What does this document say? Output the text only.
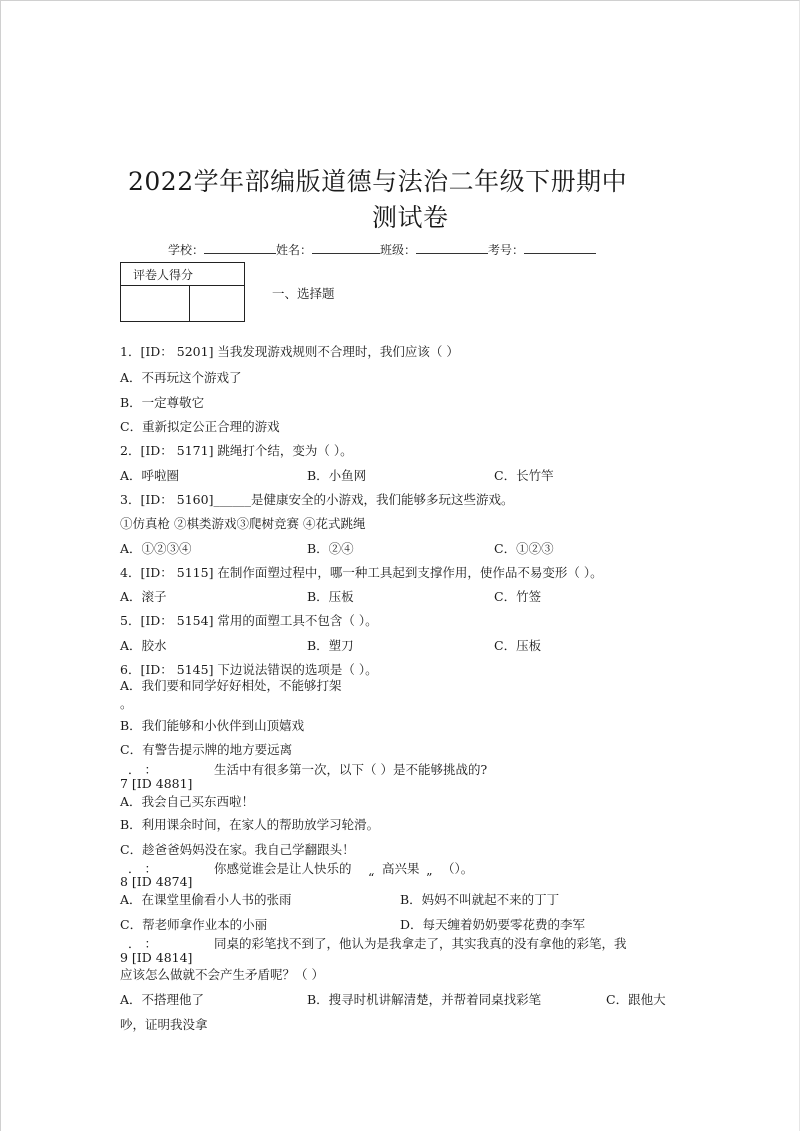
2022学年部编版道德与法治二年级下册期中
测试卷
学校：	姓名：	班级：	考号：
评卷人得分
一、选择题
1．[ID： 5201] 当我发现游戏规则不合理时，我们应该（ ）
A．不再玩这个游戏了
B．一定尊敬它
C．重新拟定公正合理的游戏
2．[ID： 5171] 跳绳打个结，变为（ ）。
A．呼啦圈	B．小鱼网	C．长竹竿
3．[ID： 5160]______是健康安全的小游戏，我们能够多玩这些游戏。
①仿真枪 ②棋类游戏③爬树竞赛 ④花式跳绳
A．①②③④	B．②④	C．①②③
4．[ID： 5115] 在制作面塑过程中，哪一种工具起到支撑作用，使作品不易变形（ ）。
A．滚子	B．压板	C．竹签
5．[ID： 5154] 常用的面塑工具不包含（ ）。
A．胶水	B．塑刀	C．压板
6．[ID： 5145] 下边说法错误的选项是（ ）。
A．我们要和同学好好相处，不能够打架
。
B．我们能够和小伙伴到山顶嬉戏
C．有警告提示牌的地方要远离
． ：	生活中有很多第一次，以下（ ）是不能够挑战的?
7 [ID 4881]
A．我会自己买东西啦！
B．利用课余时间，在家人的帮助放学习轮滑。
C．趁爸爸妈妈没在家。我自己学翻跟头！
． ：	你感觉谁会是让人快乐的 高兴果 （）。
“	”
8 [ID 4874]
A．在课堂里偷看小人书的张雨	B．妈妈不叫就起不来的丁丁
C．帮老师拿作业本的小丽	D．每天缠着奶奶要零花费的李军
． ：	同桌的彩笔找不到了，他认为是我拿走了，其实我真的没有拿他的彩笔，我
9 [ID 4814]
应该怎么做就不会产生矛盾呢？（ ）
A．不搭理他了	B．搜寻时机讲解清楚，并帮着同桌找彩笔	C．跟他大
吵，证明我没拿
